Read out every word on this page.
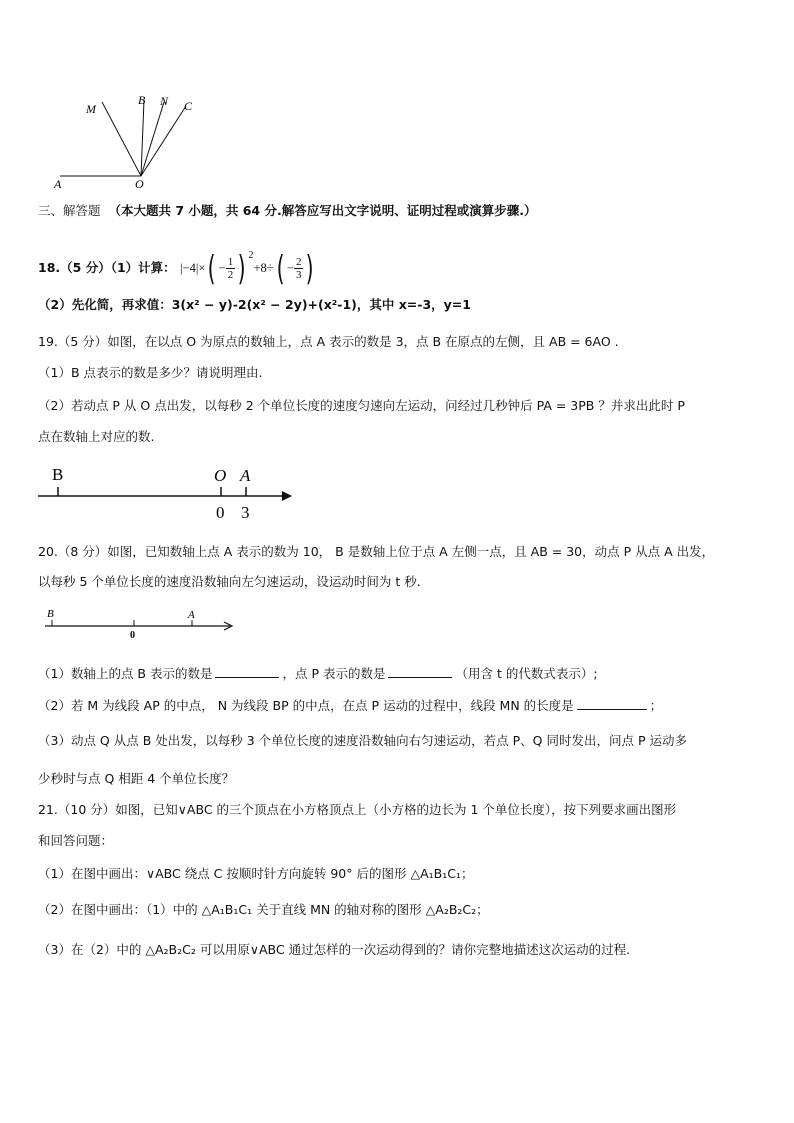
M
B N C
A	O
三、解答题 （本大题共 7 小题，共 64 分.解答应写出文字说明、证明过程或演算步骤.）
18.（5 分）（1）计算： $|-4|\times( - \frac{1}{2}$ ) $^2+8\div( - \frac{2}{3}$ )
（2）先化简，再求值：3(x² − y)-2(x² − 2y)+(x²-1)，其中 x=-3，y=1
19.（5 分）如图，在以点 O 为原点的数轴上，点 A 表示的数是 3，点 B 在原点的左侧，且 AB = 6AO .
（1）B 点表示的数是多少？请说明理由.
（2）若动点 P 从 O 点出发，以每秒 2 个单位长度的速度匀速向左运动，问经过几秒钟后 PA = 3PB ？并求出此时 P
点在数轴上对应的数.
B	O A
0 3
20.（8 分）如图，已知数轴上点 A 表示的数为 10， B 是数轴上位于点 A 左侧一点，且 AB = 30，动点 P 从点 A 出发，
以每秒 5 个单位长度的速度沿数轴向左匀速运动，设运动时间为 t 秒.
B
0
A
（1）数轴上的点 B 表示的数是	，点 P 表示的数是	（用含 t 的代数式表示）;
（2）若 M 为线段 AP 的中点， N 为线段 BP 的中点，在点 P 运动的过程中，线段 MN 的长度是	；
（3）动点 Q 从点 B 处出发，以每秒 3 个单位长度的速度沿数轴向右匀速运动，若点 P、Q 同时发出，问点 P 运动多
少秒时与点 Q 相距 4 个单位长度？
21.（10 分）如图，已知∨ABC 的三个顶点在小方格顶点上（小方格的边长为 1 个单位长度），按下列要求画出图形
和回答问题：
（1）在图中画出：∨ABC 绕点 C 按顺时针方向旋转 90° 后的图形 △A₁B₁C₁；
（2）在图中画出：（1）中的 △A₁B₁C₁ 关于直线 MN 的轴对称的图形 △A₂B₂C₂；
（3）在（2）中的 △A₂B₂C₂ 可以用原∨ABC 通过怎样的一次运动得到的？请你完整地描述这次运动的过程.
